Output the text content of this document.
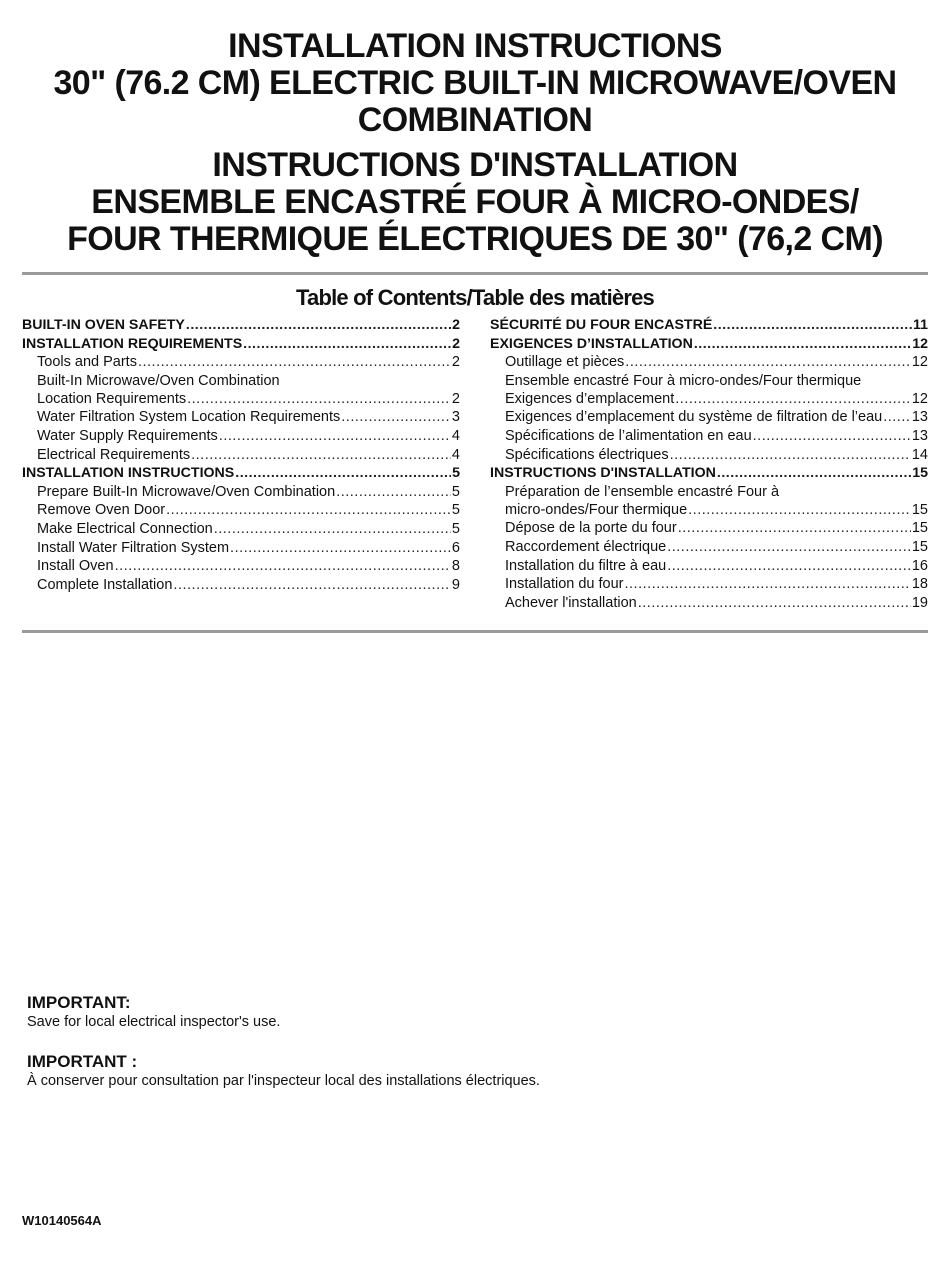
INSTALLATION INSTRUCTIONS
30" (76.2 CM) ELECTRIC BUILT-IN MICROWAVE/OVEN
COMBINATION
INSTRUCTIONS D'INSTALLATION
ENSEMBLE ENCASTRÉ FOUR À MICRO-ONDES/
FOUR THERMIQUE ÉLECTRIQUES DE 30" (76,2 CM)
Table of Contents/Table des matières
BUILT-IN OVEN SAFETY .....	2
INSTALLATION REQUIREMENTS .....	2
Tools and Parts .....	2
Built-In Microwave/Oven Combination
Location Requirements .....	2
Water Filtration System Location Requirements .....	3
Water Supply Requirements .....	4
Electrical Requirements .....	4
INSTALLATION INSTRUCTIONS .....	5
Prepare Built-In Microwave/Oven Combination .....	5
Remove Oven Door .....	5
Make Electrical Connection .....	5
Install Water Filtration System .....	6
Install Oven .....	8
Complete Installation .....	9
SÉCURITÉ DU FOUR ENCASTRÉ .....	11
EXIGENCES D’INSTALLATION .....	12
Outillage et pièces .....	12
Ensemble encastré Four à micro-ondes/Four thermique
Exigences d’emplacement .....	12
Exigences d’emplacement du système de filtration de l’eau ..... 13
Spécifications de l’alimentation en eau .....	13
Spécifications électriques .....	14
INSTRUCTIONS D'INSTALLATION .....	15
Préparation de l’ensemble encastré Four à
micro-ondes/Four thermique .....	15
Dépose de la porte du four .....	15
Raccordement électrique .....	15
Installation du filtre à eau .....	16
Installation du four .....	18
Achever l'installation .....	19
IMPORTANT:
Save for local electrical inspector's use.
IMPORTANT :
À conserver pour consultation par l'inspecteur local des installations électriques.
W10140564A
